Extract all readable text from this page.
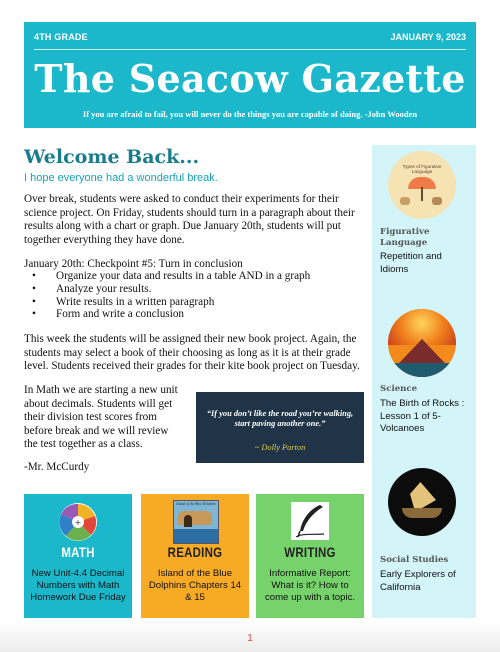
4TH GRADE	JANUARY 9, 2023
The Seacow Gazette
If you are afraid to fail, you will never do the things you are capable of doing. -John Wooden
Welcome Back...
I hope everyone had a wonderful break.
Over break, students were asked to conduct their experiments for their science project. On Friday, students should turn in a paragraph about their results along with a chart or graph. Due January 20th, students will put together everything they have done.
January 20th: Checkpoint #5: Turn in conclusion
• Organize your data and results in a table AND in a graph
• Analyze your results.
• Write results in a written paragraph
• Form and write a conclusion
This week the students will be assigned their new book project. Again, the students may select a book of their choosing as long as it is at their grade level. Students received their grades for their kite book project on Tuesday.
In Math we are starting a new unit about decimals. Students will get their division test scores from before break and we will review the test together as a class.
-Mr. McCurdy
“If you don’t like the road you’re walking, start paving another one.”
~ Dolly Parton
+
MATH
New Unit-4.4 Decimal Numbers with Math Homework Due Friday
Island of the Blue Dolphins
READING
Island of the Blue Dolphins Chapters 14 & 15
WRITING
Informative Report: What is it? How to come up with a topic.
Types of Figurative Language
Figurative Language
Repetition and Idioms
Science
The Birth of Rocks : Lesson 1 of 5- Volcanoes
Social Studies
Early Explorers of California
1
